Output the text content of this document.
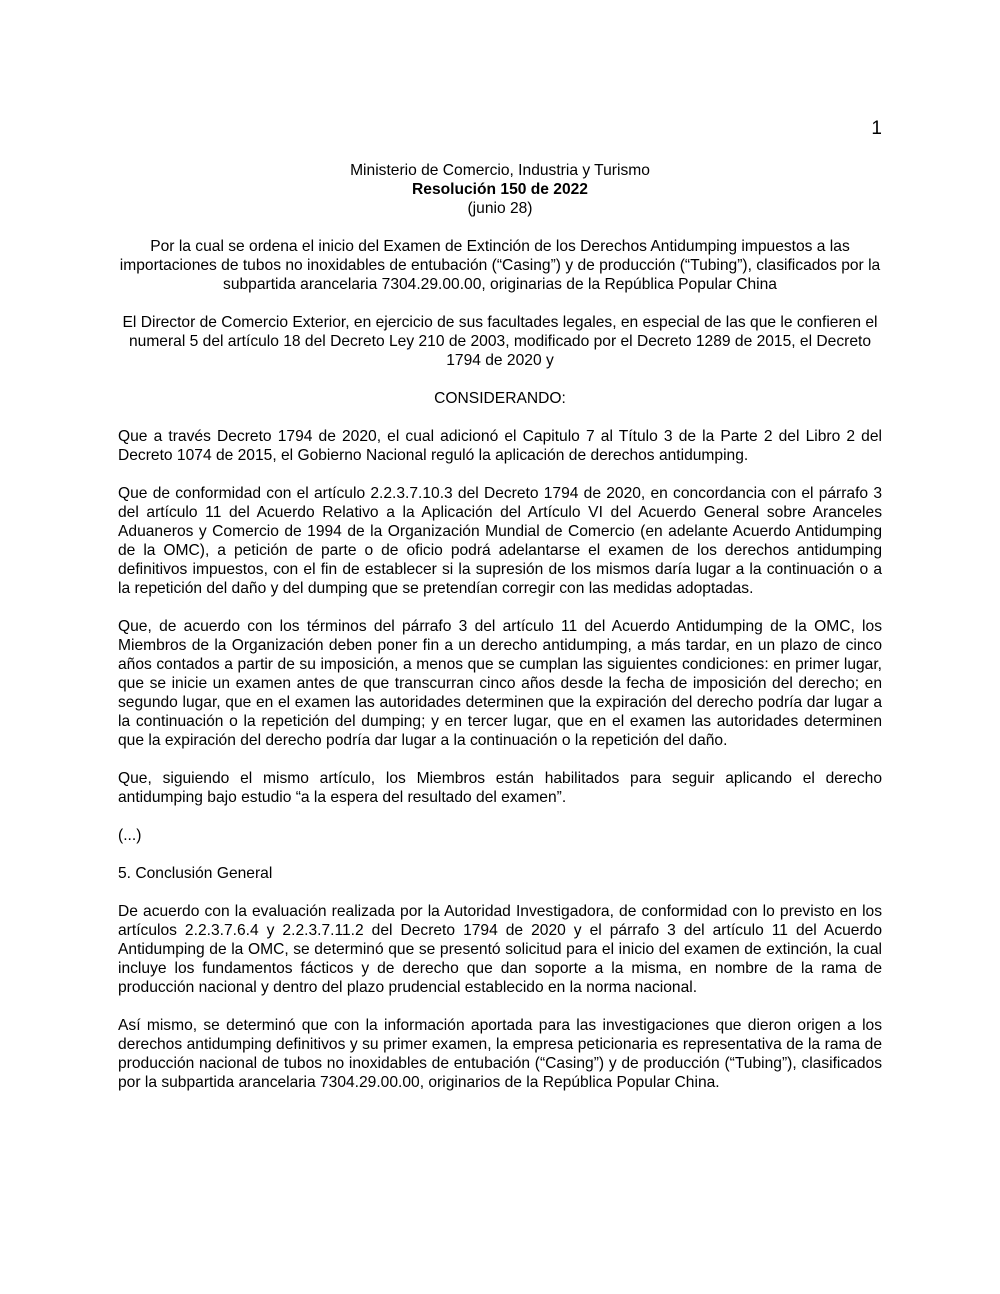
1

Ministerio de Comercio, Industria y Turismo

Resolución 150 de 2022

(junio 28)

Por la cual se ordena el inicio del Examen de Extinción de los Derechos Antidumping impuestos a las importaciones de tubos no inoxidables de entubación (“Casing”) y de producción (“Tubing”), clasificados por la subpartida arancelaria 7304.29.00.00, originarias de la República Popular China

El Director de Comercio Exterior, en ejercicio de sus facultades legales, en especial de las que le confieren el numeral 5 del artículo 18 del Decreto Ley 210 de 2003, modificado por el Decreto 1289 de 2015, el Decreto 1794 de 2020 y

CONSIDERANDO:

Que a través Decreto 1794 de 2020, el cual adicionó el Capitulo 7 al Título 3 de la Parte 2 del Libro 2 del Decreto 1074 de 2015, el Gobierno Nacional reguló la aplicación de derechos antidumping.

Que de conformidad con el artículo 2.2.3.7.10.3 del Decreto 1794 de 2020, en concordancia con el párrafo 3 del artículo 11 del Acuerdo Relativo a la Aplicación del Artículo VI del Acuerdo General sobre Aranceles Aduaneros y Comercio de 1994 de la Organización Mundial de Comercio (en adelante Acuerdo Antidumping de la OMC), a petición de parte o de oficio podrá adelantarse el examen de los derechos antidumping definitivos impuestos, con el fin de establecer si la supresión de los mismos daría lugar a la continuación o a la repetición del daño y del dumping que se pretendían corregir con las medidas adoptadas.

Que, de acuerdo con los términos del párrafo 3 del artículo 11 del Acuerdo Antidumping de la OMC, los Miembros de la Organización deben poner fin a un derecho antidumping, a más tardar, en un plazo de cinco años contados a partir de su imposición, a menos que se cumplan las siguientes condiciones: en primer lugar, que se inicie un examen antes de que transcurran cinco años desde la fecha de imposición del derecho; en segundo lugar, que en el examen las autoridades determinen que la expiración del derecho podría dar lugar a la continuación o la repetición del dumping; y en tercer lugar, que en el examen las autoridades determinen que la expiración del derecho podría dar lugar a la continuación o la repetición del daño.

Que, siguiendo el mismo artículo, los Miembros están habilitados para seguir aplicando el derecho antidumping bajo estudio “a la espera del resultado del examen”.

(...)

5. Conclusión General

De acuerdo con la evaluación realizada por la Autoridad Investigadora, de conformidad con lo previsto en los artículos 2.2.3.7.6.4 y 2.2.3.7.11.2 del Decreto 1794 de 2020 y el párrafo 3 del artículo 11 del Acuerdo Antidumping de la OMC, se determinó que se presentó solicitud para el inicio del examen de extinción, la cual incluye los fundamentos fácticos y de derecho que dan soporte a la misma, en nombre de la rama de producción nacional y dentro del plazo prudencial establecido en la norma nacional.

Así mismo, se determinó que con la información aportada para las investigaciones que dieron origen a los derechos antidumping definitivos y su primer examen, la empresa peticionaria es representativa de la rama de producción nacional de tubos no inoxidables de entubación (“Casing”) y de producción (“Tubing”), clasificados por la subpartida arancelaria 7304.29.00.00, originarios de la República Popular China.
